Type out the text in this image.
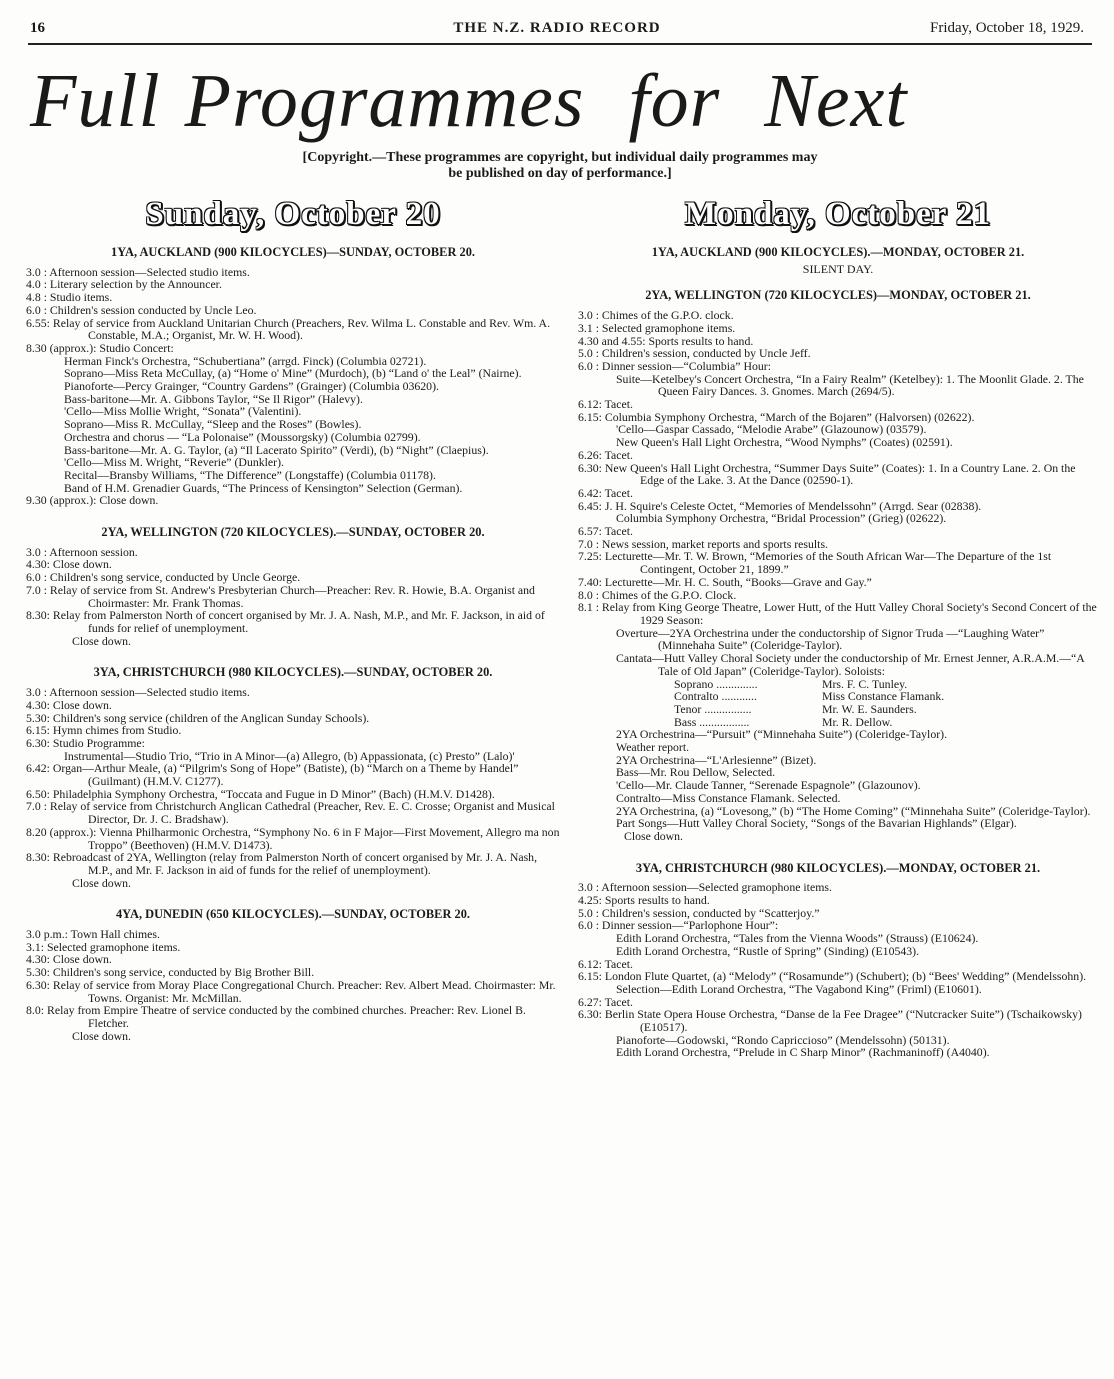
16	THE N.Z. RADIO RECORD	Friday, October 18, 1929.
Full Programmes for Next
[Copyright.—These programmes are copyright, but individual daily programmes may be published on day of performance.]
Sunday, October 20
1YA, AUCKLAND (900 KILOCYCLES)—SUNDAY, OCTOBER 20.
3.0 : Afternoon session—Selected studio items.
4.0 : Literary selection by the Announcer.
4.8 : Studio items.
6.0 : Children's session conducted by Uncle Leo.
6.55: Relay of service from Auckland Unitarian Church (Preachers, Rev. Wilma L. Constable and Rev. Wm. A. Constable, M.A.; Organist, Mr. W. H. Wood).
8.30 (approx.): Studio Concert:
Herman Finck's Orchestra, “Schubertiana” (arrgd. Finck) (Columbia 02721).
Soprano—Miss Reta McCullay, (a) “Home o' Mine” (Murdoch), (b) “Land o' the Leal” (Nairne).
Pianoforte—Percy Grainger, “Country Gardens” (Grainger) (Columbia 03620).
Bass-baritone—Mr. A. Gibbons Taylor, “Se Il Rigor” (Halevy).
'Cello—Miss Mollie Wright, “Sonata” (Valentini).
Soprano—Miss R. McCullay, “Sleep and the Roses” (Bowles).
Orchestra and chorus — “La Polonaise” (Moussorgsky) (Columbia 02799).
Bass-baritone—Mr. A. G. Taylor, (a) “Il Lacerato Spirito” (Verdi), (b) “Night” (Claepius).
'Cello—Miss M. Wright, “Reverie” (Dunkler).
Recital—Bransby Williams, “The Difference” (Longstaffe) (Columbia 01178).
Band of H.M. Grenadier Guards, “The Princess of Kensington” Selection (German).
9.30 (approx.): Close down.
2YA, WELLINGTON (720 KILOCYCLES).—SUNDAY, OCTOBER 20.
3.0 : Afternoon session.
4.30: Close down.
6.0 : Children's song service, conducted by Uncle George.
7.0 : Relay of service from St. Andrew's Presbyterian Church—Preacher: Rev. R. Howie, B.A. Organist and Choirmaster: Mr. Frank Thomas.
8.30: Relay from Palmerston North of concert organised by Mr. J. A. Nash, M.P., and Mr. F. Jackson, in aid of funds for relief of unemployment.
Close down.
3YA, CHRISTCHURCH (980 KILOCYCLES).—SUNDAY, OCTOBER 20.
3.0 : Afternoon session—Selected studio items.
4.30: Close down.
5.30: Children's song service (children of the Anglican Sunday Schools).
6.15: Hymn chimes from Studio.
6.30: Studio Programme:
Instrumental—Studio Trio, “Trio in A Minor—(a) Allegro, (b) Appassionata, (c) Presto” (Lalo)'
6.42: Organ—Arthur Meale, (a) “Pilgrim's Song of Hope” (Batiste), (b) “March on a Theme by Handel” (Guilmant) (H.M.V. C1277).
6.50: Philadelphia Symphony Orchestra, “Toccata and Fugue in D Minor” (Bach) (H.M.V. D1428).
7.0 : Relay of service from Christchurch Anglican Cathedral (Preacher, Rev. E. C. Crosse; Organist and Musical Director, Dr. J. C. Bradshaw).
8.20 (approx.): Vienna Philharmonic Orchestra, “Symphony No. 6 in F Major—First Movement, Allegro ma non Troppo” (Beethoven) (H.M.V. D1473).
8.30: Rebroadcast of 2YA, Wellington (relay from Palmerston North of concert organised by Mr. J. A. Nash, M.P., and Mr. F. Jackson in aid of funds for the relief of unemployment).
Close down.
4YA, DUNEDIN (650 KILOCYCLES).—SUNDAY, OCTOBER 20.
3.0 p.m.: Town Hall chimes.
3.1: Selected gramophone items.
4.30: Close down.
5.30: Children's song service, conducted by Big Brother Bill.
6.30: Relay of service from Moray Place Congregational Church. Preacher: Rev. Albert Mead. Choirmaster: Mr. Towns. Organist: Mr. McMillan.
8.0: Relay from Empire Theatre of service conducted by the combined churches. Preacher: Rev. Lionel B. Fletcher.
Close down.
Monday, October 21
1YA, AUCKLAND (900 KILOCYCLES).—MONDAY, OCTOBER 21.
SILENT DAY.
2YA, WELLINGTON (720 KILOCYCLES)—MONDAY, OCTOBER 21.
3.0 : Chimes of the G.P.O. clock.
3.1 : Selected gramophone items.
4.30 and 4.55: Sports results to hand.
5.0 : Children's session, conducted by Uncle Jeff.
6.0 : Dinner session—“Columbia” Hour:
Suite—Ketelbey's Concert Orchestra, “In a Fairy Realm” (Ketelbey): 1. The Moonlit Glade. 2. The Queen Fairy Dances. 3. Gnomes. March (2694/5).
6.12: Tacet.
6.15: Columbia Symphony Orchestra, “March of the Bojaren” (Halvorsen) (02622).
'Cello—Gaspar Cassado, “Melodie Arabe” (Glazounow) (03579).
New Queen's Hall Light Orchestra, “Wood Nymphs” (Coates) (02591).
6.26: Tacet.
6.30: New Queen's Hall Light Orchestra, “Summer Days Suite” (Coates): 1. In a Country Lane. 2. On the Edge of the Lake. 3. At the Dance (02590-1).
6.42: Tacet.
6.45: J. H. Squire's Celeste Octet, “Memories of Mendelssohn” (Arrgd. Sear (02838).
Columbia Symphony Orchestra, “Bridal Procession” (Grieg) (02622).
6.57: Tacet.
7.0 : News session, market reports and sports results.
7.25: Lecturette—Mr. T. W. Brown, “Memories of the South African War—The Departure of the 1st Contingent, October 21, 1899.”
7.40: Lecturette—Mr. H. C. South, “Books—Grave and Gay.”
8.0 : Chimes of the G.P.O. Clock.
8.1 : Relay from King George Theatre, Lower Hutt, of the Hutt Valley Choral Society's Second Concert of the 1929 Season:
Overture—2YA Orchestrina under the conductorship of Signor Truda —“Laughing Water” (Minnehaha Suite” (Coleridge-Taylor).
Cantata—Hutt Valley Choral Society under the conductorship of Mr. Ernest Jenner, A.R.A.M.—“A Tale of Old Japan” (Coleridge-Taylor). Soloists:
Soprano ..............	Mrs. F. C. Tunley.
Contralto ............	Miss Constance Flamank.
Tenor ................	Mr. W. E. Saunders.
Bass .................	Mr. R. Dellow.
2YA Orchestrina—“Pursuit” (“Minnehaha Suite”) (Coleridge-Taylor).
Weather report.
2YA Orchestrina—“L'Arlesienne” (Bizet).
Bass—Mr. Rou Dellow, Selected.
'Cello—Mr. Claude Tanner, “Serenade Espagnole” (Glazounov).
Contralto—Miss Constance Flamank. Selected.
2YA Orchestrina, (a) “Lovesong,” (b) “The Home Coming” (“Minnehaha Suite” (Coleridge-Taylor).
Part Songs—Hutt Valley Choral Society, “Songs of the Bavarian Highlands” (Elgar).
Close down.
3YA, CHRISTCHURCH (980 KILOCYCLES).—MONDAY, OCTOBER 21.
3.0 : Afternoon session—Selected gramophone items.
4.25: Sports results to hand.
5.0 : Children's session, conducted by “Scatterjoy.”
6.0 : Dinner session—“Parlophone Hour”:
Edith Lorand Orchestra, “Tales from the Vienna Woods” (Strauss) (E10624).
Edith Lorand Orchestra, “Rustle of Spring” (Sinding) (E10543).
6.12: Tacet.
6.15: London Flute Quartet, (a) “Melody” (“Rosamunde”) (Schubert); (b) “Bees' Wedding” (Mendelssohn).
Selection—Edith Lorand Orchestra, “The Vagabond King” (Friml) (E10601).
6.27: Tacet.
6.30: Berlin State Opera House Orchestra, “Danse de la Fee Dragee” (“Nutcracker Suite”) (Tschaikowsky) (E10517).
Pianoforte—Godowski, “Rondo Capriccioso” (Mendelssohn) (50131).
Edith Lorand Orchestra, “Prelude in C Sharp Minor” (Rachmaninoff) (A4040).
